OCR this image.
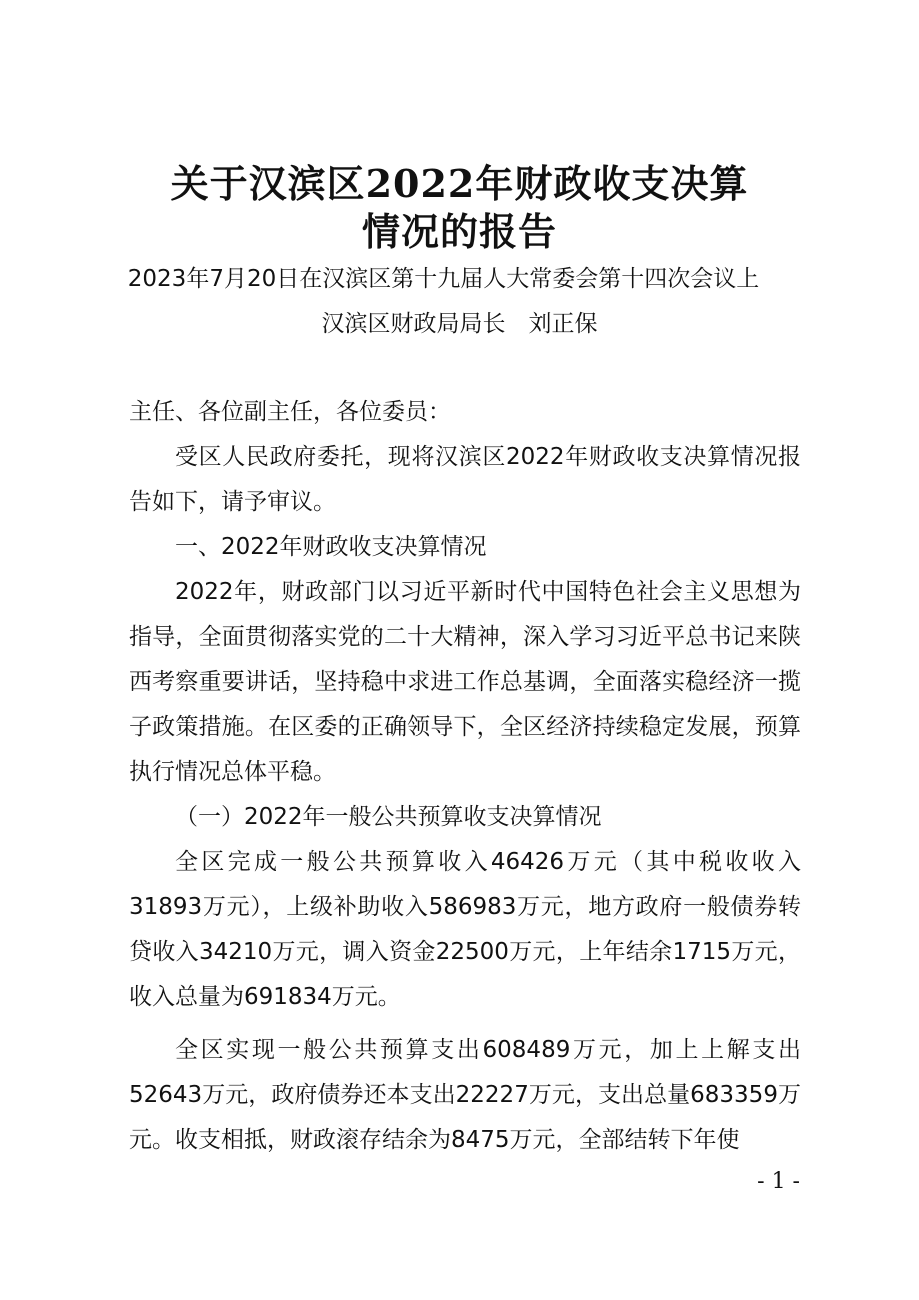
关于汉滨区2022年财政收支决算
情况的报告
2023年7月20日在汉滨区第十九届人大常委会第十四次会议上
汉滨区财政局局长　刘正保

主任、各位副主任，各位委员：

受区人民政府委托，现将汉滨区2022年财政收支决算情况报告如下，请予审议。

一、2022年财政收支决算情况

2022年，财政部门以习近平新时代中国特色社会主义思想为指导，全面贯彻落实党的二十大精神，深入学习习近平总书记来陕西考察重要讲话，坚持稳中求进工作总基调，全面落实稳经济一揽子政策措施。在区委的正确领导下，全区经济持续稳定发展，预算执行情况总体平稳。

（一）2022年一般公共预算收支决算情况

全区完成一般公共预算收入46426万元（其中税收收入31893万元），上级补助收入586983万元，地方政府一般债券转贷收入34210万元，调入资金22500万元，上年结余1715万元，收入总量为691834万元。

全区实现一般公共预算支出608489万元，加上上解支出52643万元，政府债券还本支出22227万元，支出总量683359万元。收支相抵，财政滚存结余为8475万元，全部结转下年使

- 1 -
